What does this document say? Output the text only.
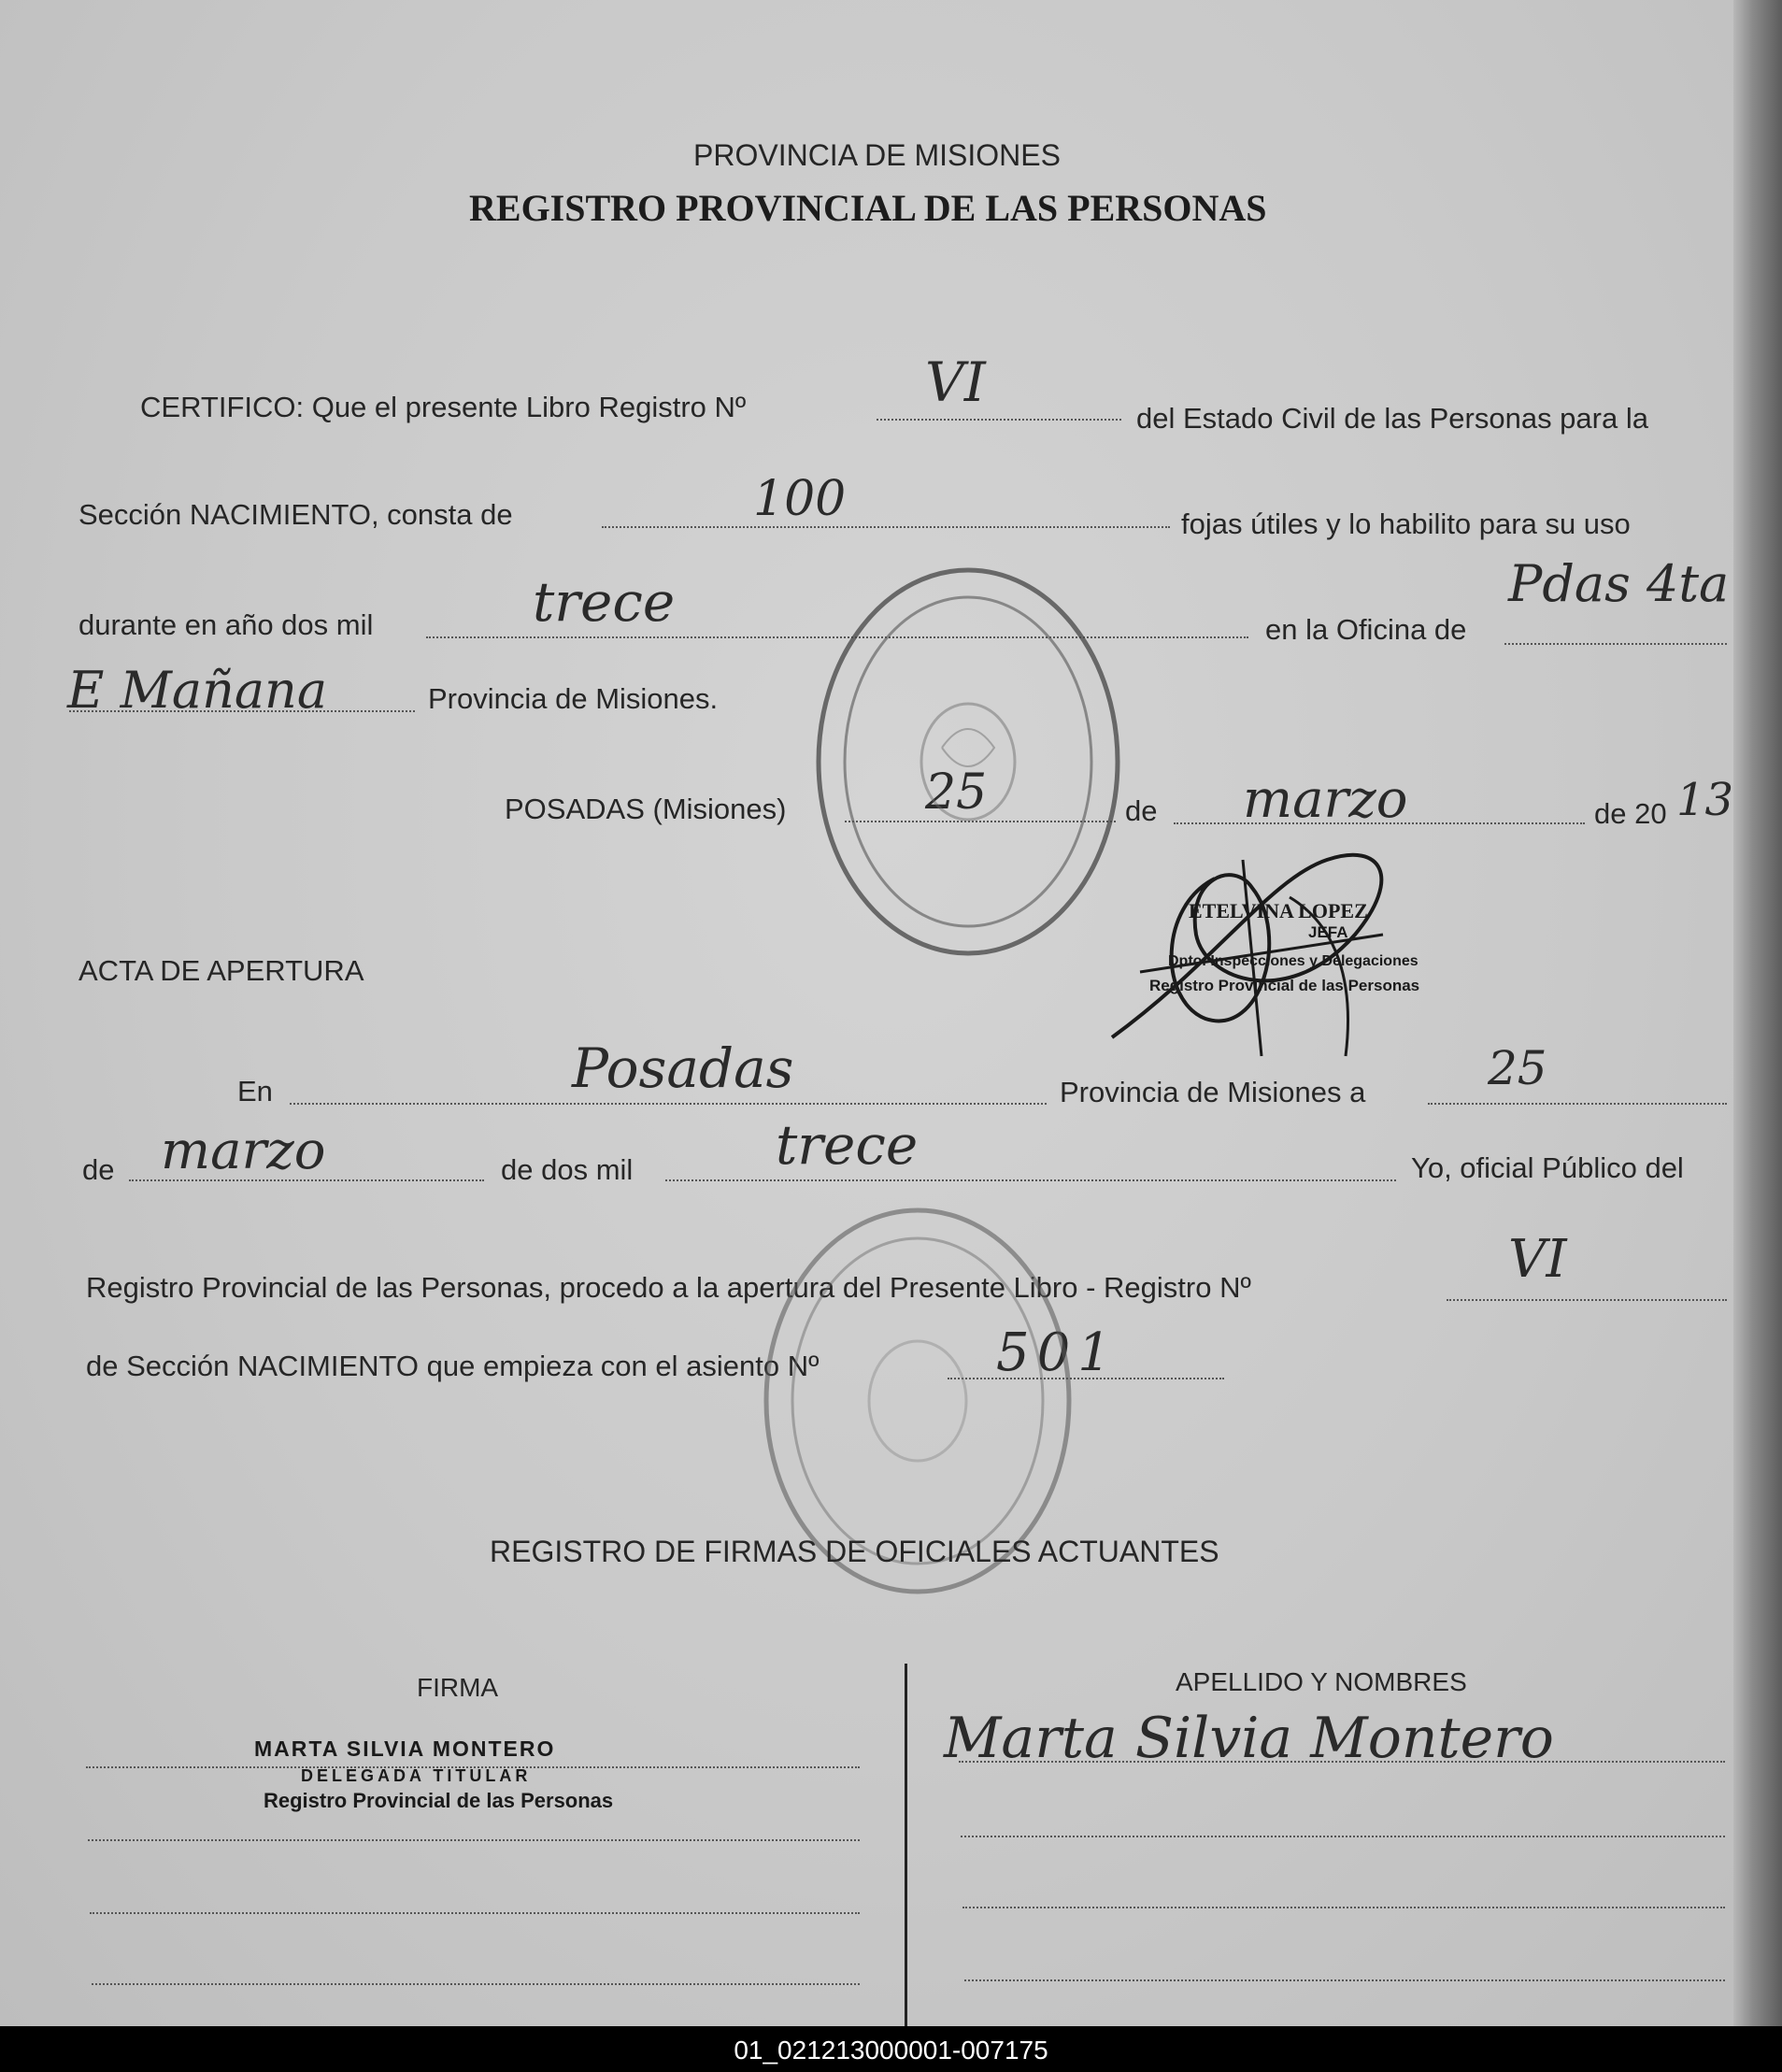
PROVINCIA DE MISIONES
REGISTRO PROVINCIAL DE LAS PERSONAS
CERTIFICO: Que el presente Libro Registro Nº	VI
del Estado Civil de las Personas para la
Sección NACIMIENTO, consta de	100	fojas útiles y lo habilito para su uso
durante en año dos mil	trece	en la Oficina de
Pdas 4ta
E Mañana	Provincia de Misiones.
POSADAS (Misiones)	25	de marzo	de 20 13
ETELVINA LOPEZ
JEFA
Dpto. Inspecciones y Delegaciones
Registro Provincial de las Personas
ACTA DE APERTURA
En	Posadas	Provincia de Misiones a	25
de marzo	de dos mil	trece	Yo, oficial Público del
Registro Provincial de las Personas, procedo a la apertura del Presente Libro - Registro Nº	VI
de Sección NACIMIENTO que empieza con el asiento Nº	501
REGISTRO DE FIRMAS DE OFICIALES ACTUANTES
FIRMA	APELLIDO Y NOMBRES
MARTA SILVIA MONTERO
DELEGADA TITULAR
Registro Provincial de las Personas
Marta Silvia Montero
01_021213000001-007175
